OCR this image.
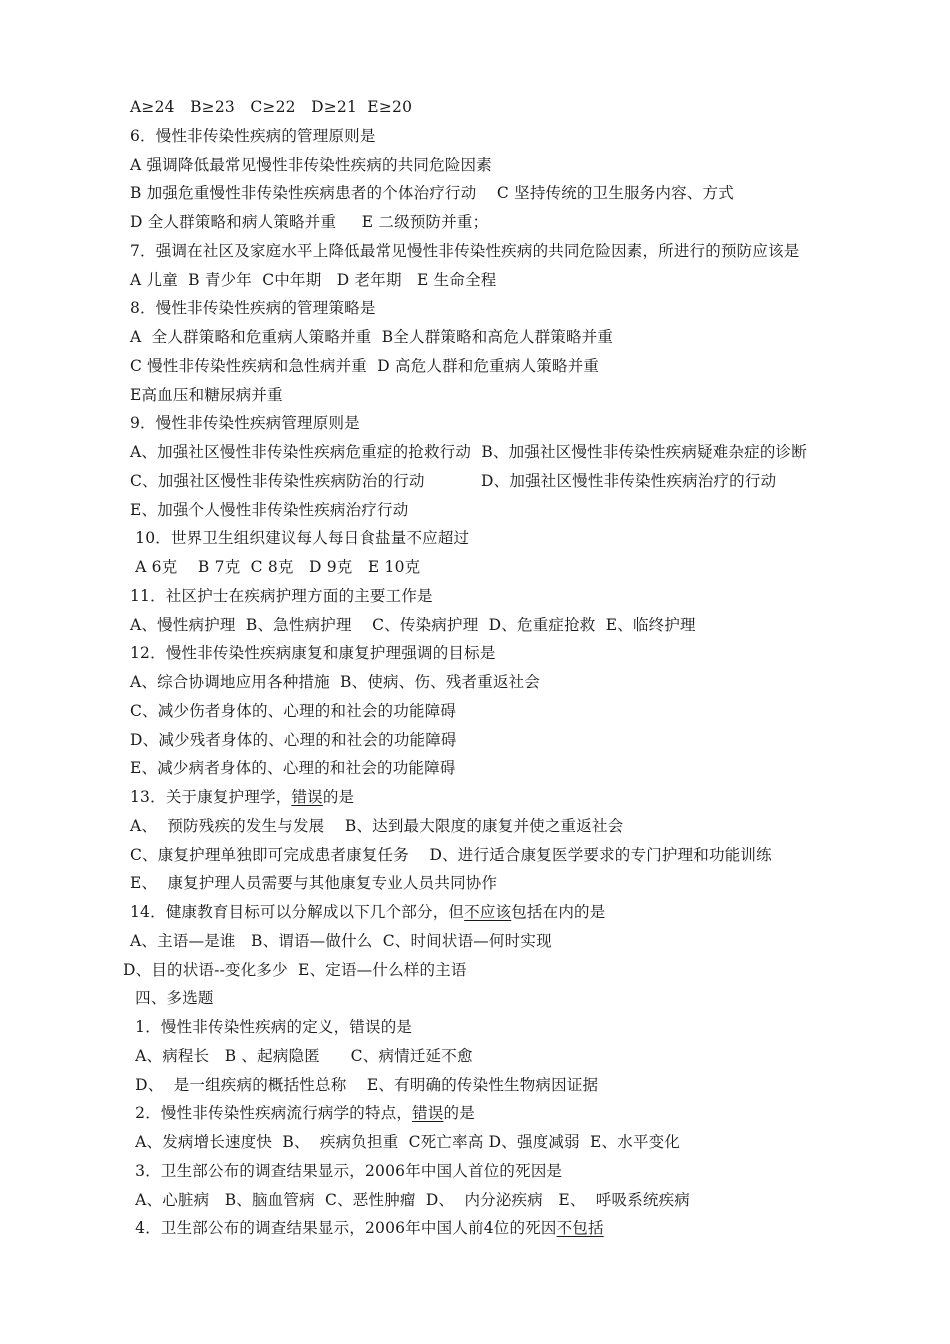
A≥24   B≥23   C≥22   D≥21  E≥20
6．慢性非传染性疾病的管理原则是
A 强调降低最常见慢性非传染性疾病的共同危险因素
B 加强危重慢性非传染性疾病患者的个体治疗行动    C 坚持传统的卫生服务内容、方式
D 全人群策略和病人策略并重     E 二级预防并重；
7．强调在社区及家庭水平上降低最常见慢性非传染性疾病的共同危险因素，所进行的预防应该是
A 儿童  B 青少年  C中年期   D 老年期   E 生命全程
8．慢性非传染性疾病的管理策略是
A  全人群策略和危重病人策略并重  B全人群策略和高危人群策略并重
C 慢性非传染性疾病和急性病并重  D 高危人群和危重病人策略并重
E高血压和糖尿病并重
9．慢性非传染性疾病管理原则是
A、加强社区慢性非传染性疾病危重症的抢救行动  B、加强社区慢性非传染性疾病疑难杂症的诊断
C、加强社区慢性非传染性疾病防治的行动           D、加强社区慢性非传染性疾病治疗的行动
E、加强个人慢性非传染性疾病治疗行动
10．世界卫生组织建议每人每日食盐量不应超过
A 6克    B 7克  C 8克   D 9克   E 10克
11．社区护士在疾病护理方面的主要工作是
A、慢性病护理  B、急性病护理    C、传染病护理  D、危重症抢救  E、临终护理
12．慢性非传染性疾病康复和康复护理强调的目标是
A、综合协调地应用各种措施  B、使病、伤、残者重返社会
C、减少伤者身体的、心理的和社会的功能障碍
D、减少残者身体的、心理的和社会的功能障碍
E、减少病者身体的、心理的和社会的功能障碍
13．关于康复护理学，错误的是
A、  预防残疾的发生与发展    B、达到最大限度的康复并使之重返社会
C、康复护理单独即可完成患者康复任务    D、进行适合康复医学要求的专门护理和功能训练
E、  康复护理人员需要与其他康复专业人员共同协作
14．健康教育目标可以分解成以下几个部分，但不应该包括在内的是
A、主语—是谁   B、谓语—做什么  C、时间状语—何时实现
D、目的状语--变化多少  E、定语—什么样的主语
四、多选题
1．慢性非传染性疾病的定义，错误的是
A、病程长   B 、起病隐匿      C、病情迁延不愈
D、  是一组疾病的概括性总称    E、有明确的传染性生物病因证据
2．慢性非传染性疾病流行病学的特点，错误的是
A、发病增长速度快  B、  疾病负担重  C死亡率高 D、强度减弱  E、水平变化
3．卫生部公布的调查结果显示，2006年中国人首位的死因是
A、心脏病   B、脑血管病  C、恶性肿瘤  D、  内分泌疾病   E、  呼吸系统疾病
4．卫生部公布的调查结果显示，2006年中国人前4位的死因不包括
